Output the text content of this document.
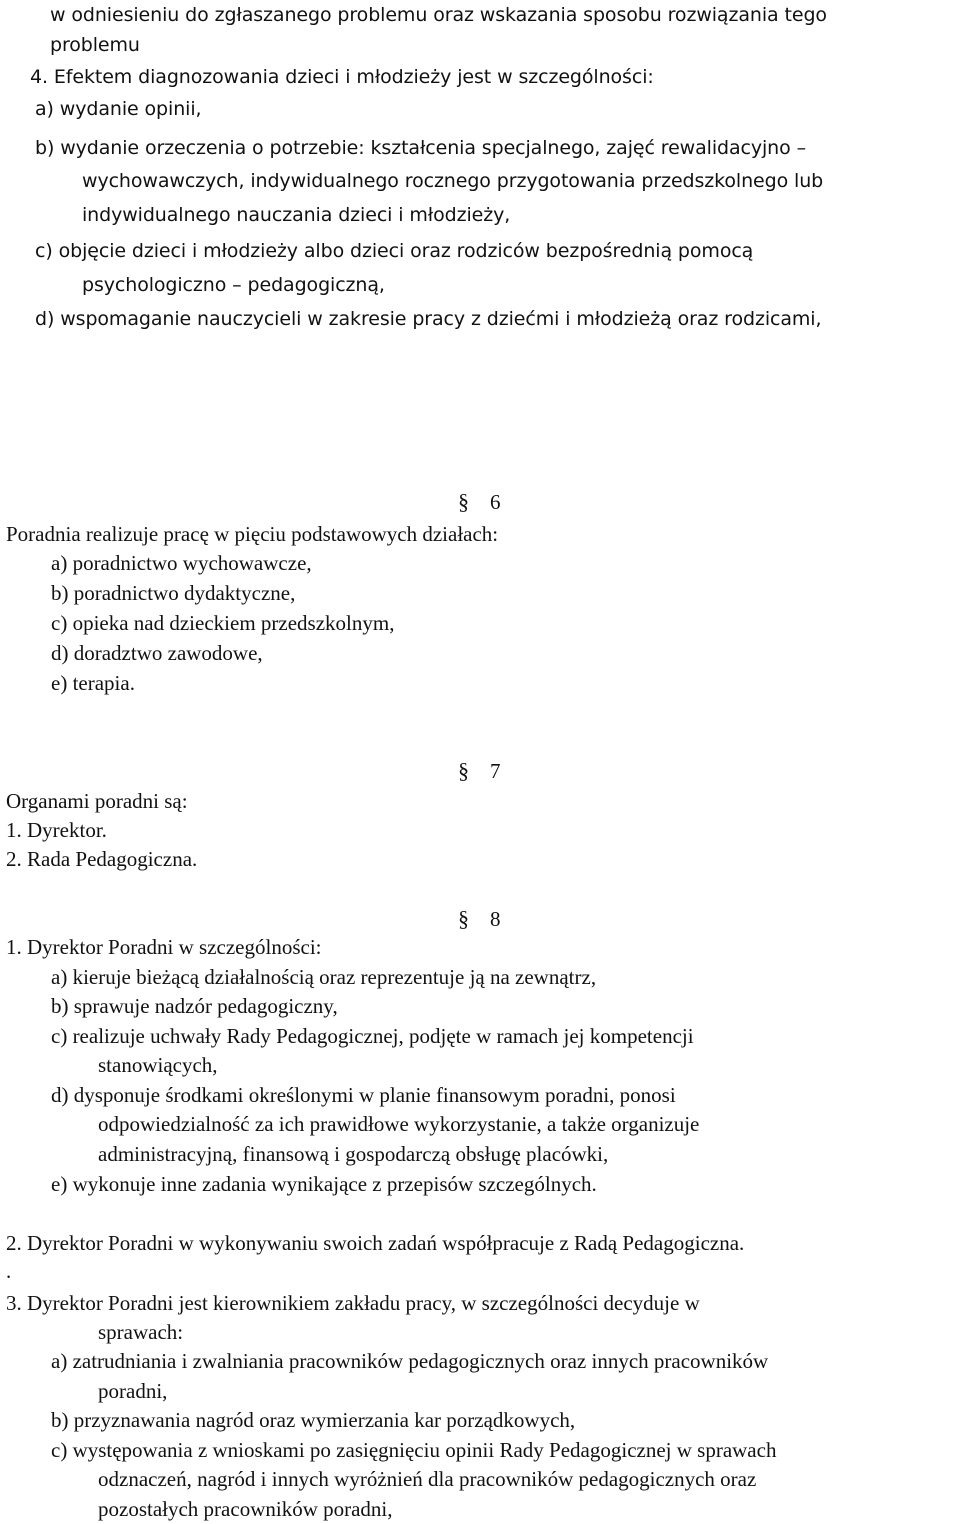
w odniesieniu do zgłaszanego problemu oraz wskazania sposobu rozwiązania tego
problemu
4. Efektem diagnozowania dzieci i młodzieży jest w szczególności:
a) wydanie opinii,
b) wydanie orzeczenia o potrzebie: kształcenia specjalnego, zajęć rewalidacyjno –
wychowawczych, indywidualnego rocznego przygotowania przedszkolnego lub
indywidualnego nauczania dzieci i młodzieży,
c) objęcie dzieci i młodzieży albo dzieci oraz rodziców bezpośrednią pomocą
psychologiczno – pedagogiczną,
d) wspomaganie nauczycieli w zakresie pracy z dziećmi i młodzieżą oraz rodzicami,
§ 6
Poradnia realizuje pracę w pięciu podstawowych działach:
a) poradnictwo wychowawcze,
b) poradnictwo dydaktyczne,
c) opieka nad dzieckiem przedszkolnym,
d) doradztwo zawodowe,
e) terapia.
§ 7
Organami poradni są:
1. Dyrektor.
2. Rada Pedagogiczna.
§ 8
1. Dyrektor Poradni w szczególności:
a) kieruje bieżącą działalnością oraz reprezentuje ją na zewnątrz,
b) sprawuje nadzór pedagogiczny,
c) realizuje uchwały Rady Pedagogicznej, podjęte w ramach jej kompetencji
stanowiących,
d) dysponuje środkami określonymi w planie finansowym poradni, ponosi
odpowiedzialność za ich prawidłowe wykorzystanie, a także organizuje
administracyjną, finansową i gospodarczą obsługę placówki,
e) wykonuje inne zadania wynikające z przepisów szczególnych.
2. Dyrektor Poradni w wykonywaniu swoich zadań współpracuje z Radą Pedagogiczna.
.
3. Dyrektor Poradni jest kierownikiem zakładu pracy, w szczególności decyduje w
sprawach:
a) zatrudniania i zwalniania pracowników pedagogicznych oraz innych pracowników
poradni,
b) przyznawania nagród oraz wymierzania kar porządkowych,
c) występowania z wnioskami po zasięgnięciu opinii Rady Pedagogicznej w sprawach
odznaczeń, nagród i innych wyróżnień dla pracowników pedagogicznych oraz
pozostałych pracowników poradni,
